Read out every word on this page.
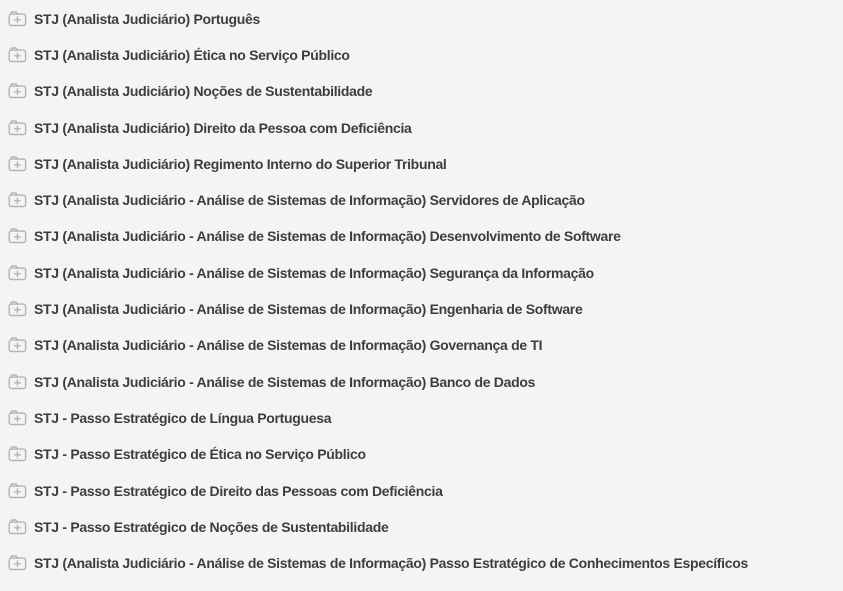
STJ (Analista Judiciário) Português
STJ (Analista Judiciário) Ética no Serviço Público
STJ (Analista Judiciário) Noções de Sustentabilidade
STJ (Analista Judiciário) Direito da Pessoa com Deficiência
STJ (Analista Judiciário) Regimento Interno do Superior Tribunal
STJ (Analista Judiciário - Análise de Sistemas de Informação) Servidores de Aplicação
STJ (Analista Judiciário - Análise de Sistemas de Informação) Desenvolvimento de Software
STJ (Analista Judiciário - Análise de Sistemas de Informação) Segurança da Informação
STJ (Analista Judiciário - Análise de Sistemas de Informação) Engenharia de Software
STJ (Analista Judiciário - Análise de Sistemas de Informação) Governança de TI
STJ (Analista Judiciário - Análise de Sistemas de Informação) Banco de Dados
STJ - Passo Estratégico de Língua Portuguesa
STJ - Passo Estratégico de Ética no Serviço Público
STJ - Passo Estratégico de Direito das Pessoas com Deficiência
STJ - Passo Estratégico de Noções de Sustentabilidade
STJ (Analista Judiciário - Análise de Sistemas de Informação) Passo Estratégico de Conhecimentos Específicos
